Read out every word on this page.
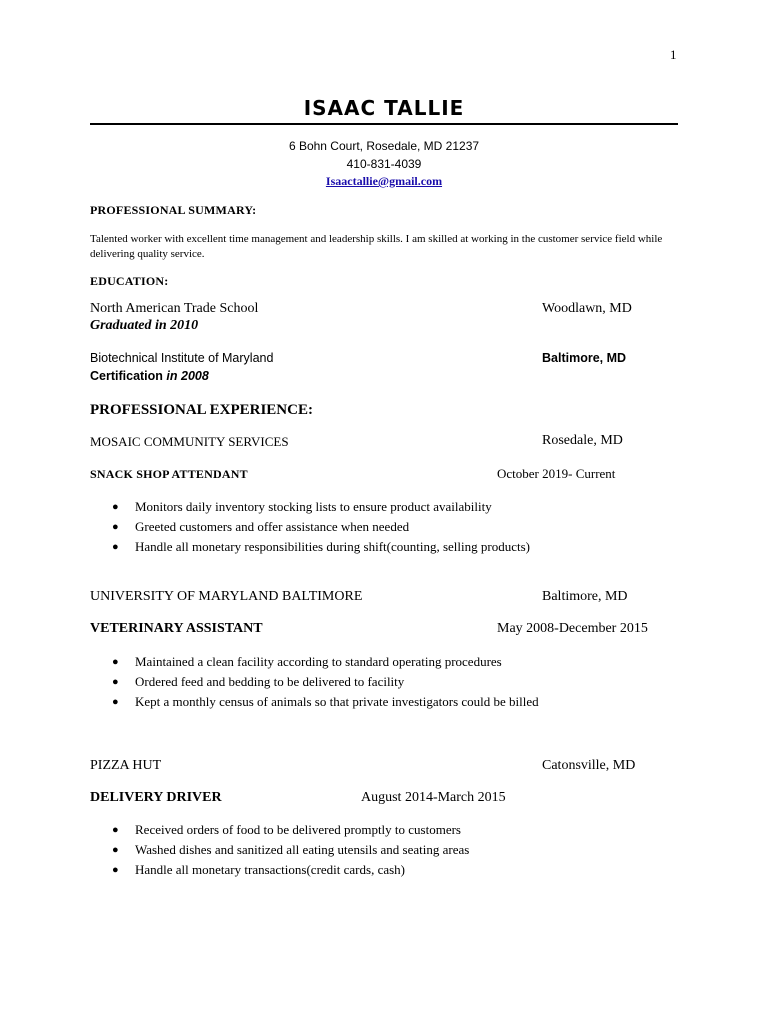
1
ISAAC TALLIE
6 Bohn Court, Rosedale, MD 21237
410-831-4039
Isaactallie@gmail.com
PROFESSIONAL SUMMARY:
Talented worker with excellent time management and leadership skills. I am skilled at working in the customer service field while delivering quality service.
EDUCATION:
North American Trade School	Woodlawn, MD
Graduated in 2010
Biotechnical Institute of Maryland	Baltimore, MD
Certification in 2008
PROFESSIONAL EXPERIENCE:
MOSAIC COMMUNITY SERVICES	Rosedale, MD
SNACK SHOP ATTENDANT	October 2019- Current
● Monitors daily inventory stocking lists to ensure product availability
● Greeted customers and offer assistance when needed
● Handle all monetary responsibilities during shift(counting, selling products)
UNIVERSITY OF MARYLAND BALTIMORE	Baltimore, MD
VETERINARY ASSISTANT	May 2008-December 2015
● Maintained a clean facility according to standard operating procedures
● Ordered feed and bedding to be delivered to facility
● Kept a monthly census of animals so that private investigators could be billed
PIZZA HUT	Catonsville, MD
DELIVERY DRIVER	August 2014-March 2015
● Received orders of food to be delivered promptly to customers
● Washed dishes and sanitized all eating utensils and seating areas
● Handle all monetary transactions(credit cards, cash)
